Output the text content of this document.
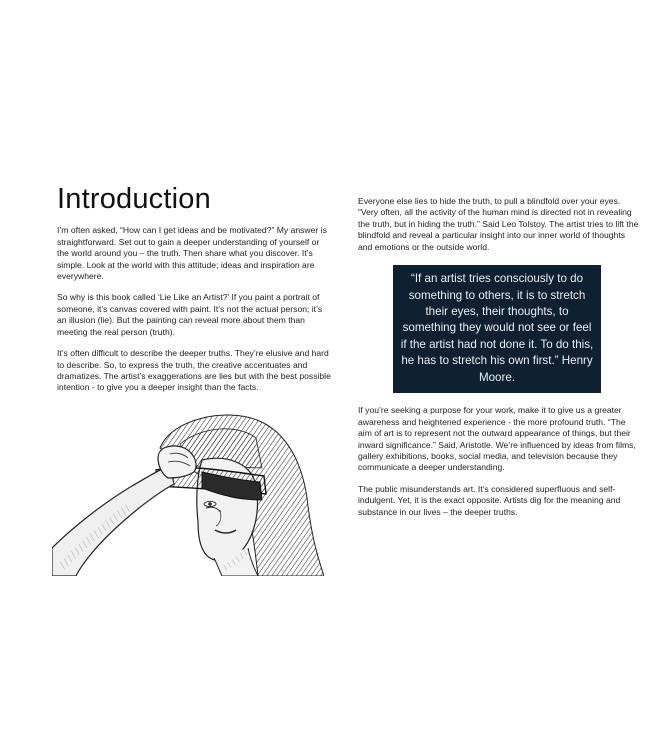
Introduction

I’m often asked, “How can I get ideas and be motivated?” My answer is straightforward. Set out to gain a deeper understanding of yourself or the world around you – the truth. Then share what you discover. It’s simple. Look at the world with this attitude; ideas and inspiration are everywhere.

So why is this book called ‘Lie Like an Artist?’ If you paint a portrait of someone, it’s canvas covered with paint. It’s not the actual person; it’s an illusion (lie). But the painting can reveal more about them than meeting the real person (truth).

It’s often difficult to describe the deeper truths. They’re elusive and hard to describe. So, to express the truth, the creative accentuates and dramatizes. The artist’s exaggerations are lies but with the best possible intention - to give you a deeper insight than the facts.

Everyone else lies to hide the truth, to pull a blindfold over your eyes. “Very often, all the activity of the human mind is directed not in revealing the truth, but in hiding the truth.” Said Leo Tolstoy. The artist tries to lift the blindfold and reveal a particular insight into our inner world of thoughts and emotions or the outside world.

“If an artist tries consciously to do something to others, it is to stretch their eyes, their thoughts, to something they would not see or feel if the artist had not done it. To do this, he has to stretch his own first.” Henry Moore.

If you’re seeking a purpose for your work, make it to give us a greater awareness and heightened experience - the more profound truth. “The aim of art is to represent not the outward appearance of things, but their inward significance.” Said, Aristotle. We’re influenced by ideas from films, gallery exhibitions, books, social media, and television because they communicate a deeper understanding.

The public misunderstands art. It’s considered superfluous and self-indulgent. Yet, it is the exact opposite. Artists dig for the meaning and substance in our lives – the deeper truths.
